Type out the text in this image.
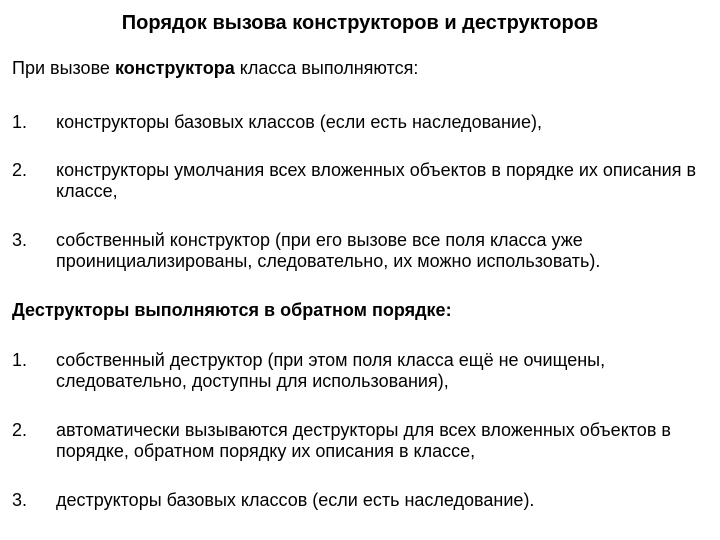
Порядок вызова конструкторов и деструкторов
При вызове конструктора класса выполняются:
1.	конструкторы базовых классов (если есть наследование),
2.	конструкторы умолчания всех вложенных объектов в порядке их описания в классе,
3.	собственный конструктор (при его вызове все поля класса уже проинициализированы, следовательно, их можно использовать).
Деструкторы выполняются в обратном порядке:
1.	собственный деструктор (при этом поля класса ещё не очищены, следовательно, доступны для использования),
2.	автоматически вызываются деструкторы для всех вложенных объектов в порядке, обратном порядку их описания в классе,
3.	деструкторы базовых классов (если есть наследование).
